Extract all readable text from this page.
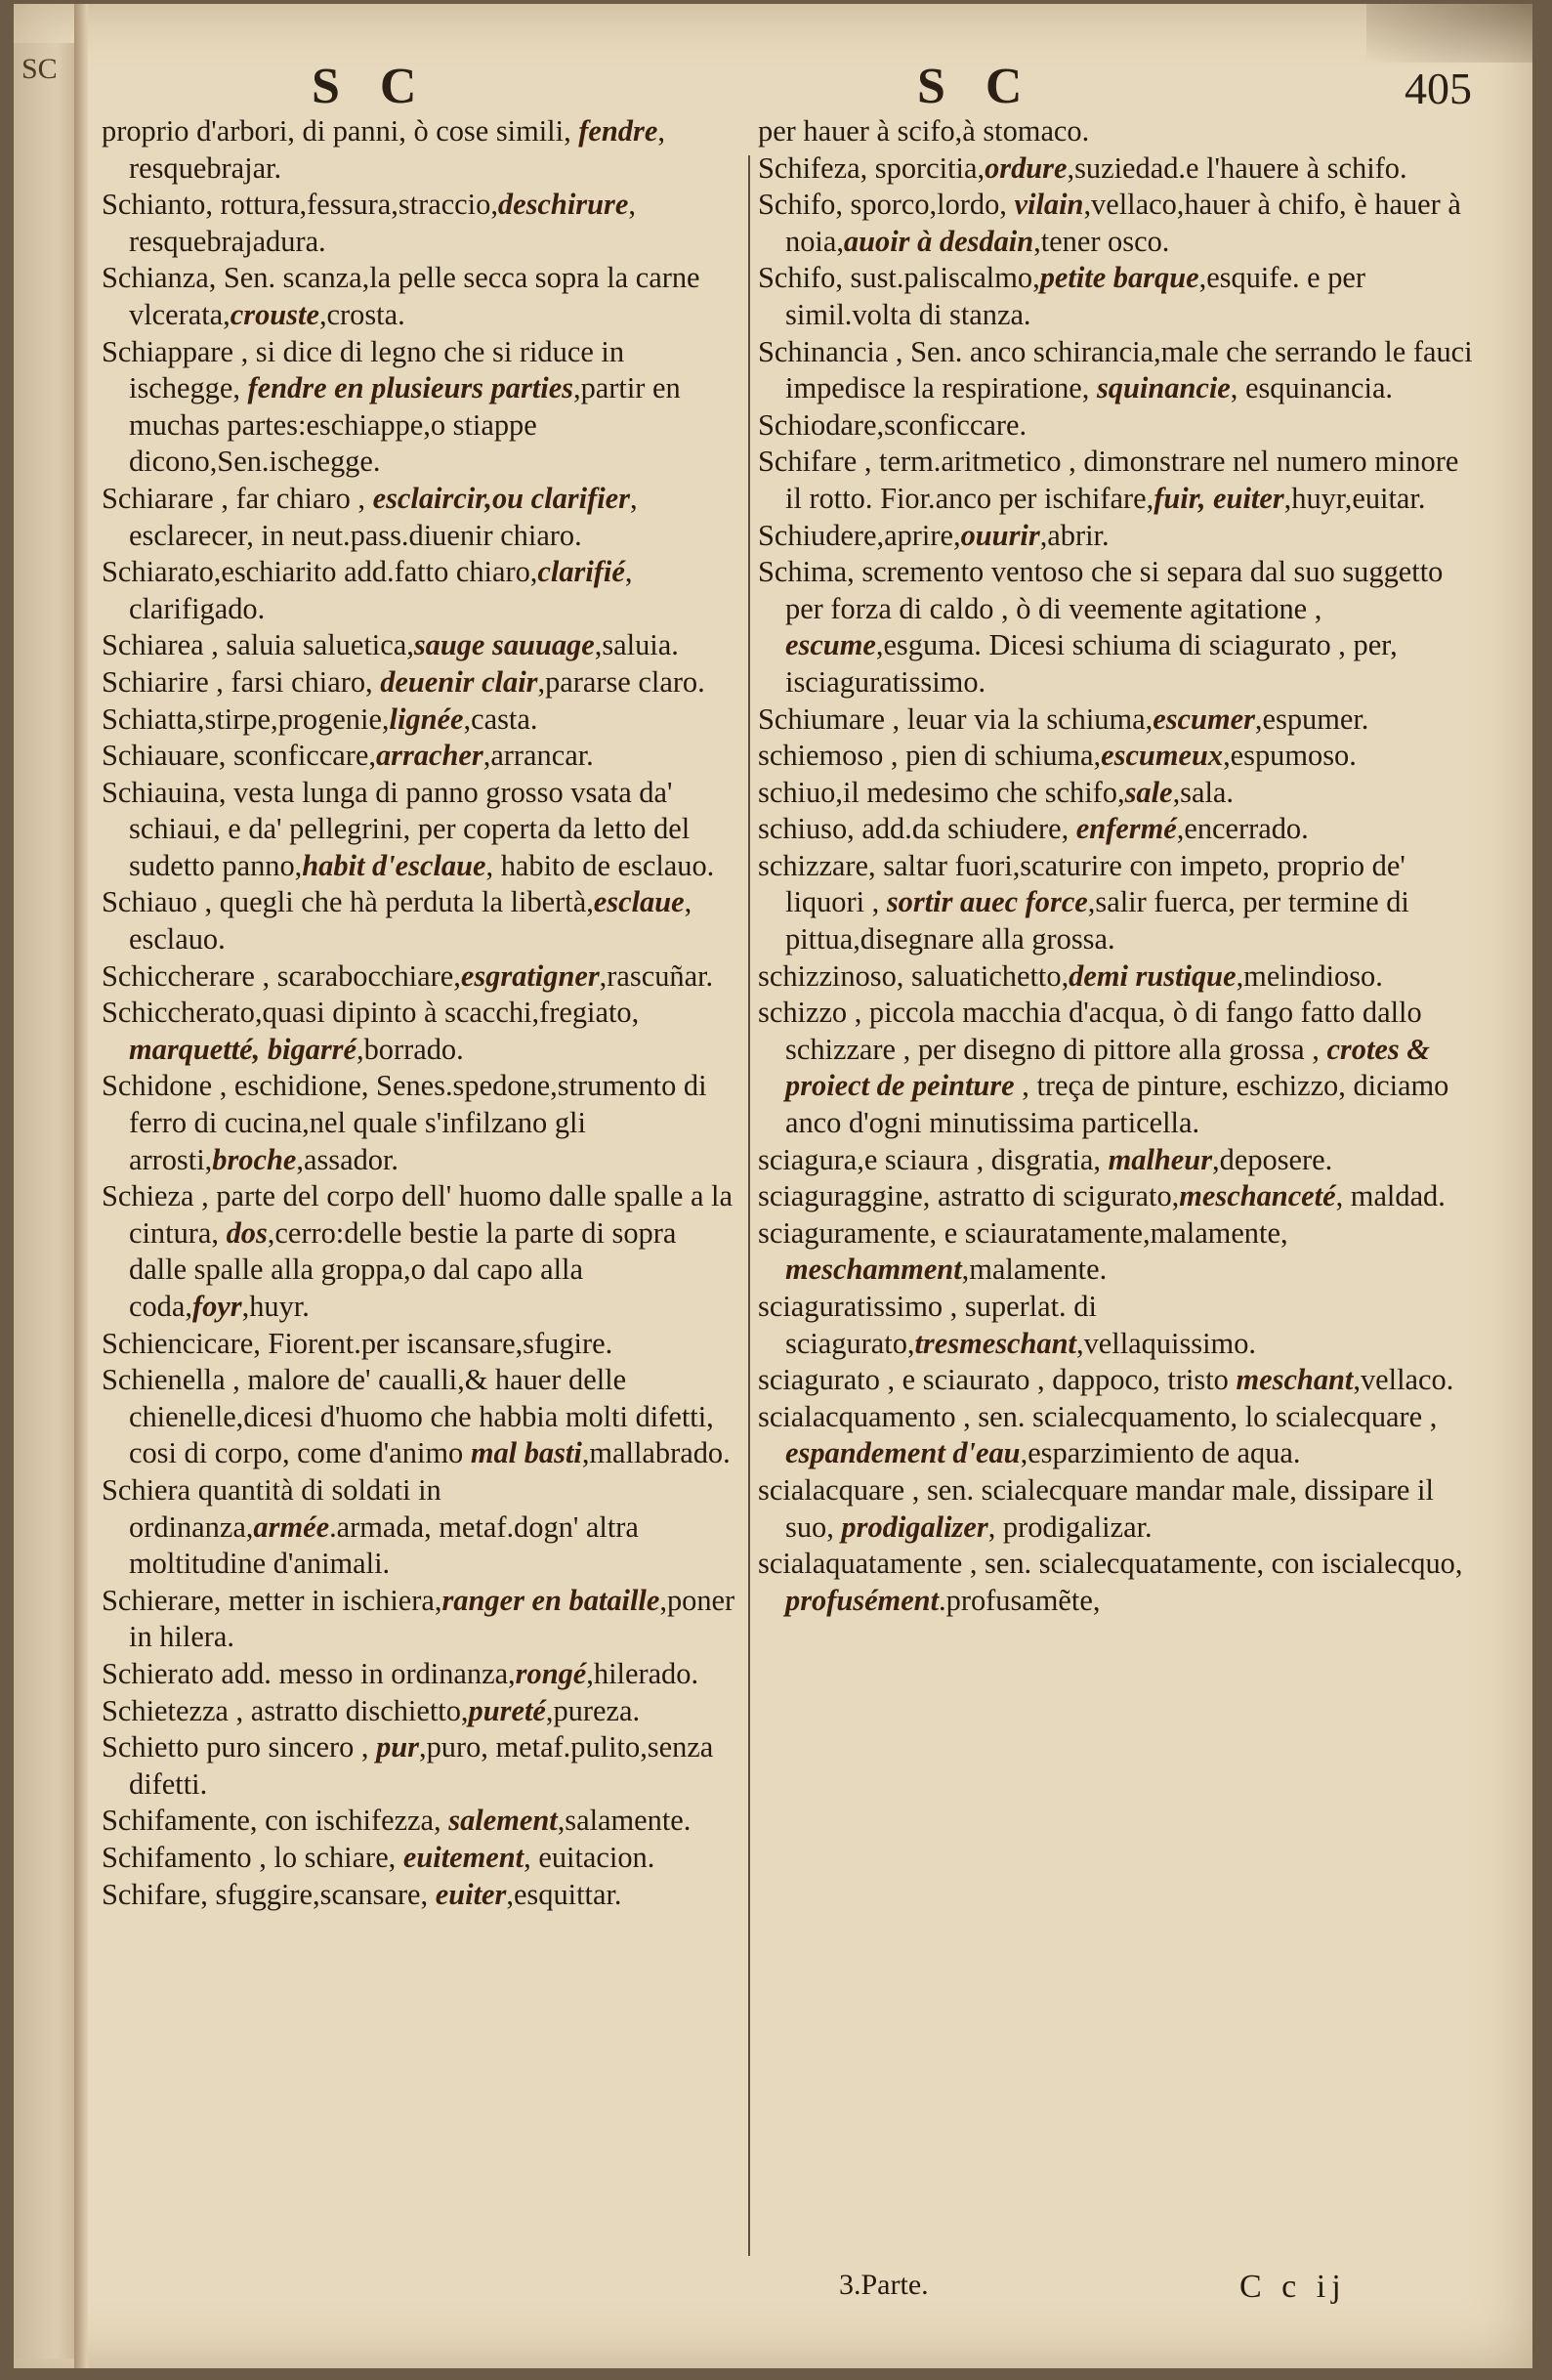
SC	S C	S C	405

proprio d'arbori, di panni, ò cose simili, fendre, resquebrajar.

Schianto, rottura,fessura,straccio,deschirure, resquebrajadura.

Schianza, Sen. scanza,la pelle secca sopra la carne vlcerata,crouste,crosta.

Schiappare , si dice di legno che si riduce in ischegge, fendre en plusieurs parties,partir en muchas partes:eschiappe,o stiappe dicono,Sen.ischegge.

Schiarare , far chiaro , esclaircir,ou clarifier, esclarecer, in neut.pass.diuenir chiaro.

Schiarato,eschiarito add.fatto chiaro,clarifié, clarifigado.

Schiarea , saluia saluetica,sauge sauuage,saluia.

Schiarire , farsi chiaro, deuenir clair,pararse claro.

Schiatta,stirpe,progenie,lignée,casta.

Schiauare, sconficcare,arracher,arrancar.

Schiauina, vesta lunga di panno grosso vsata da' schiaui, e da' pellegrini, per coperta da letto del sudetto panno,habit d'esclaue, habito de esclauo.

Schiauo , quegli che hà perduta la libertà,esclaue, esclauo.

Schiccherare , scarabocchiare,esgratigner,rascuñar.

Schiccherato,quasi dipinto à scacchi,fregiato, marquetté, bigarré,borrado.

Schidone , eschidione, Senes.spedone,strumento di ferro di cucina,nel quale s'infilzano gli arrosti,broche,assador.

Schieza , parte del corpo dell' huomo dalle spalle a la cintura, dos,cerro:delle bestie la parte di sopra dalle spalle alla groppa,o dal capo alla coda,foyr,huyr.

Schiencicare, Fiorent.per iscansare,sfugire.

Schienella , malore de' caualli,& hauer delle chienelle,dicesi d'huomo che habbia molti difetti, cosi di corpo, come d'animo mal basti,mallabrado.

Schiera quantità di soldati in ordinanza,armée.armada, metaf.dogn' altra moltitudine d'animali.

Schierare, metter in ischiera,ranger en bataille,poner in hilera.

Schierato add. messo in ordinanza,rongé,hilerado.

Schietezza , astratto dischietto,pureté,pureza.

Schietto puro sincero , pur,puro, metaf.pulito,senza difetti.

Schifamente, con ischifezza, salement,salamente.

Schifamento , lo schiare, euitement, euitacion.

Schifare, sfuggire,scansare, euiter,esquittar.

per hauer à scifo,à stomaco.

Schifeza, sporcitia,ordure,suziedad.e l'hauere à schifo.

Schifo, sporco,lordo, vilain,vellaco,hauer à chifo, è hauer à noia,auoir à desdain,tener osco.

Schifo, sust.paliscalmo,petite barque,esquife. e per simil.volta di stanza.

Schinancia , Sen. anco schirancia,male che serrando le fauci impedisce la respiratione, squinancie, esquinancia.

Schiodare,sconficcare.

Schifare , term.aritmetico , dimonstrare nel numero minore il rotto. Fior.anco per ischifare,fuir, euiter,huyr,euitar.

Schiudere,aprire,ouurir,abrir.

Schima, scremento ventoso che si separa dal suo suggetto per forza di caldo , ò di veemente agitatione , escume,esguma. Dicesi schiuma di sciagurato , per, isciaguratissimo.

Schiumare , leuar via la schiuma,escumer,espumer.

schiemoso , pien di schiuma,escumeux,espumoso.

schiuo,il medesimo che schifo,sale,sala.

schiuso, add.da schiudere, enfermé,encerrado.

schizzare, saltar fuori,scaturire con impeto, proprio de' liquori , sortir auec force,salir fuerca, per termine di pittua,disegnare alla grossa.

schizzinoso, saluatichetto,demi rustique,melindioso.

schizzo , piccola macchia d'acqua, ò di fango fatto dallo schizzare , per disegno di pittore alla grossa , crotes & proiect de peinture , treça de pinture, eschizzo, diciamo anco d'ogni minutissima particella.

sciagura,e sciaura , disgratia, malheur,deposere.

sciaguraggine, astratto di scigurato,meschanceté, maldad.

sciaguramente, e sciauratamente,malamente, meschamment,malamente.

sciaguratissimo , superlat. di sciagurato,tresmeschant,vellaquissimo.

sciagurato , e sciaurato , dappoco, tristo meschant,vellaco.

scialacquamento , sen. scialecquamento, lo scialecquare , espandement d'eau,esparzimiento de aqua.

scialacquare , sen. scialecquare mandar male, dissipare il suo, prodigalizer, prodigalizar.

scialaquatamente , sen. scialecquatamente, con iscialecquo, profusément.profusamẽte,

3.Parte.	C c ij
